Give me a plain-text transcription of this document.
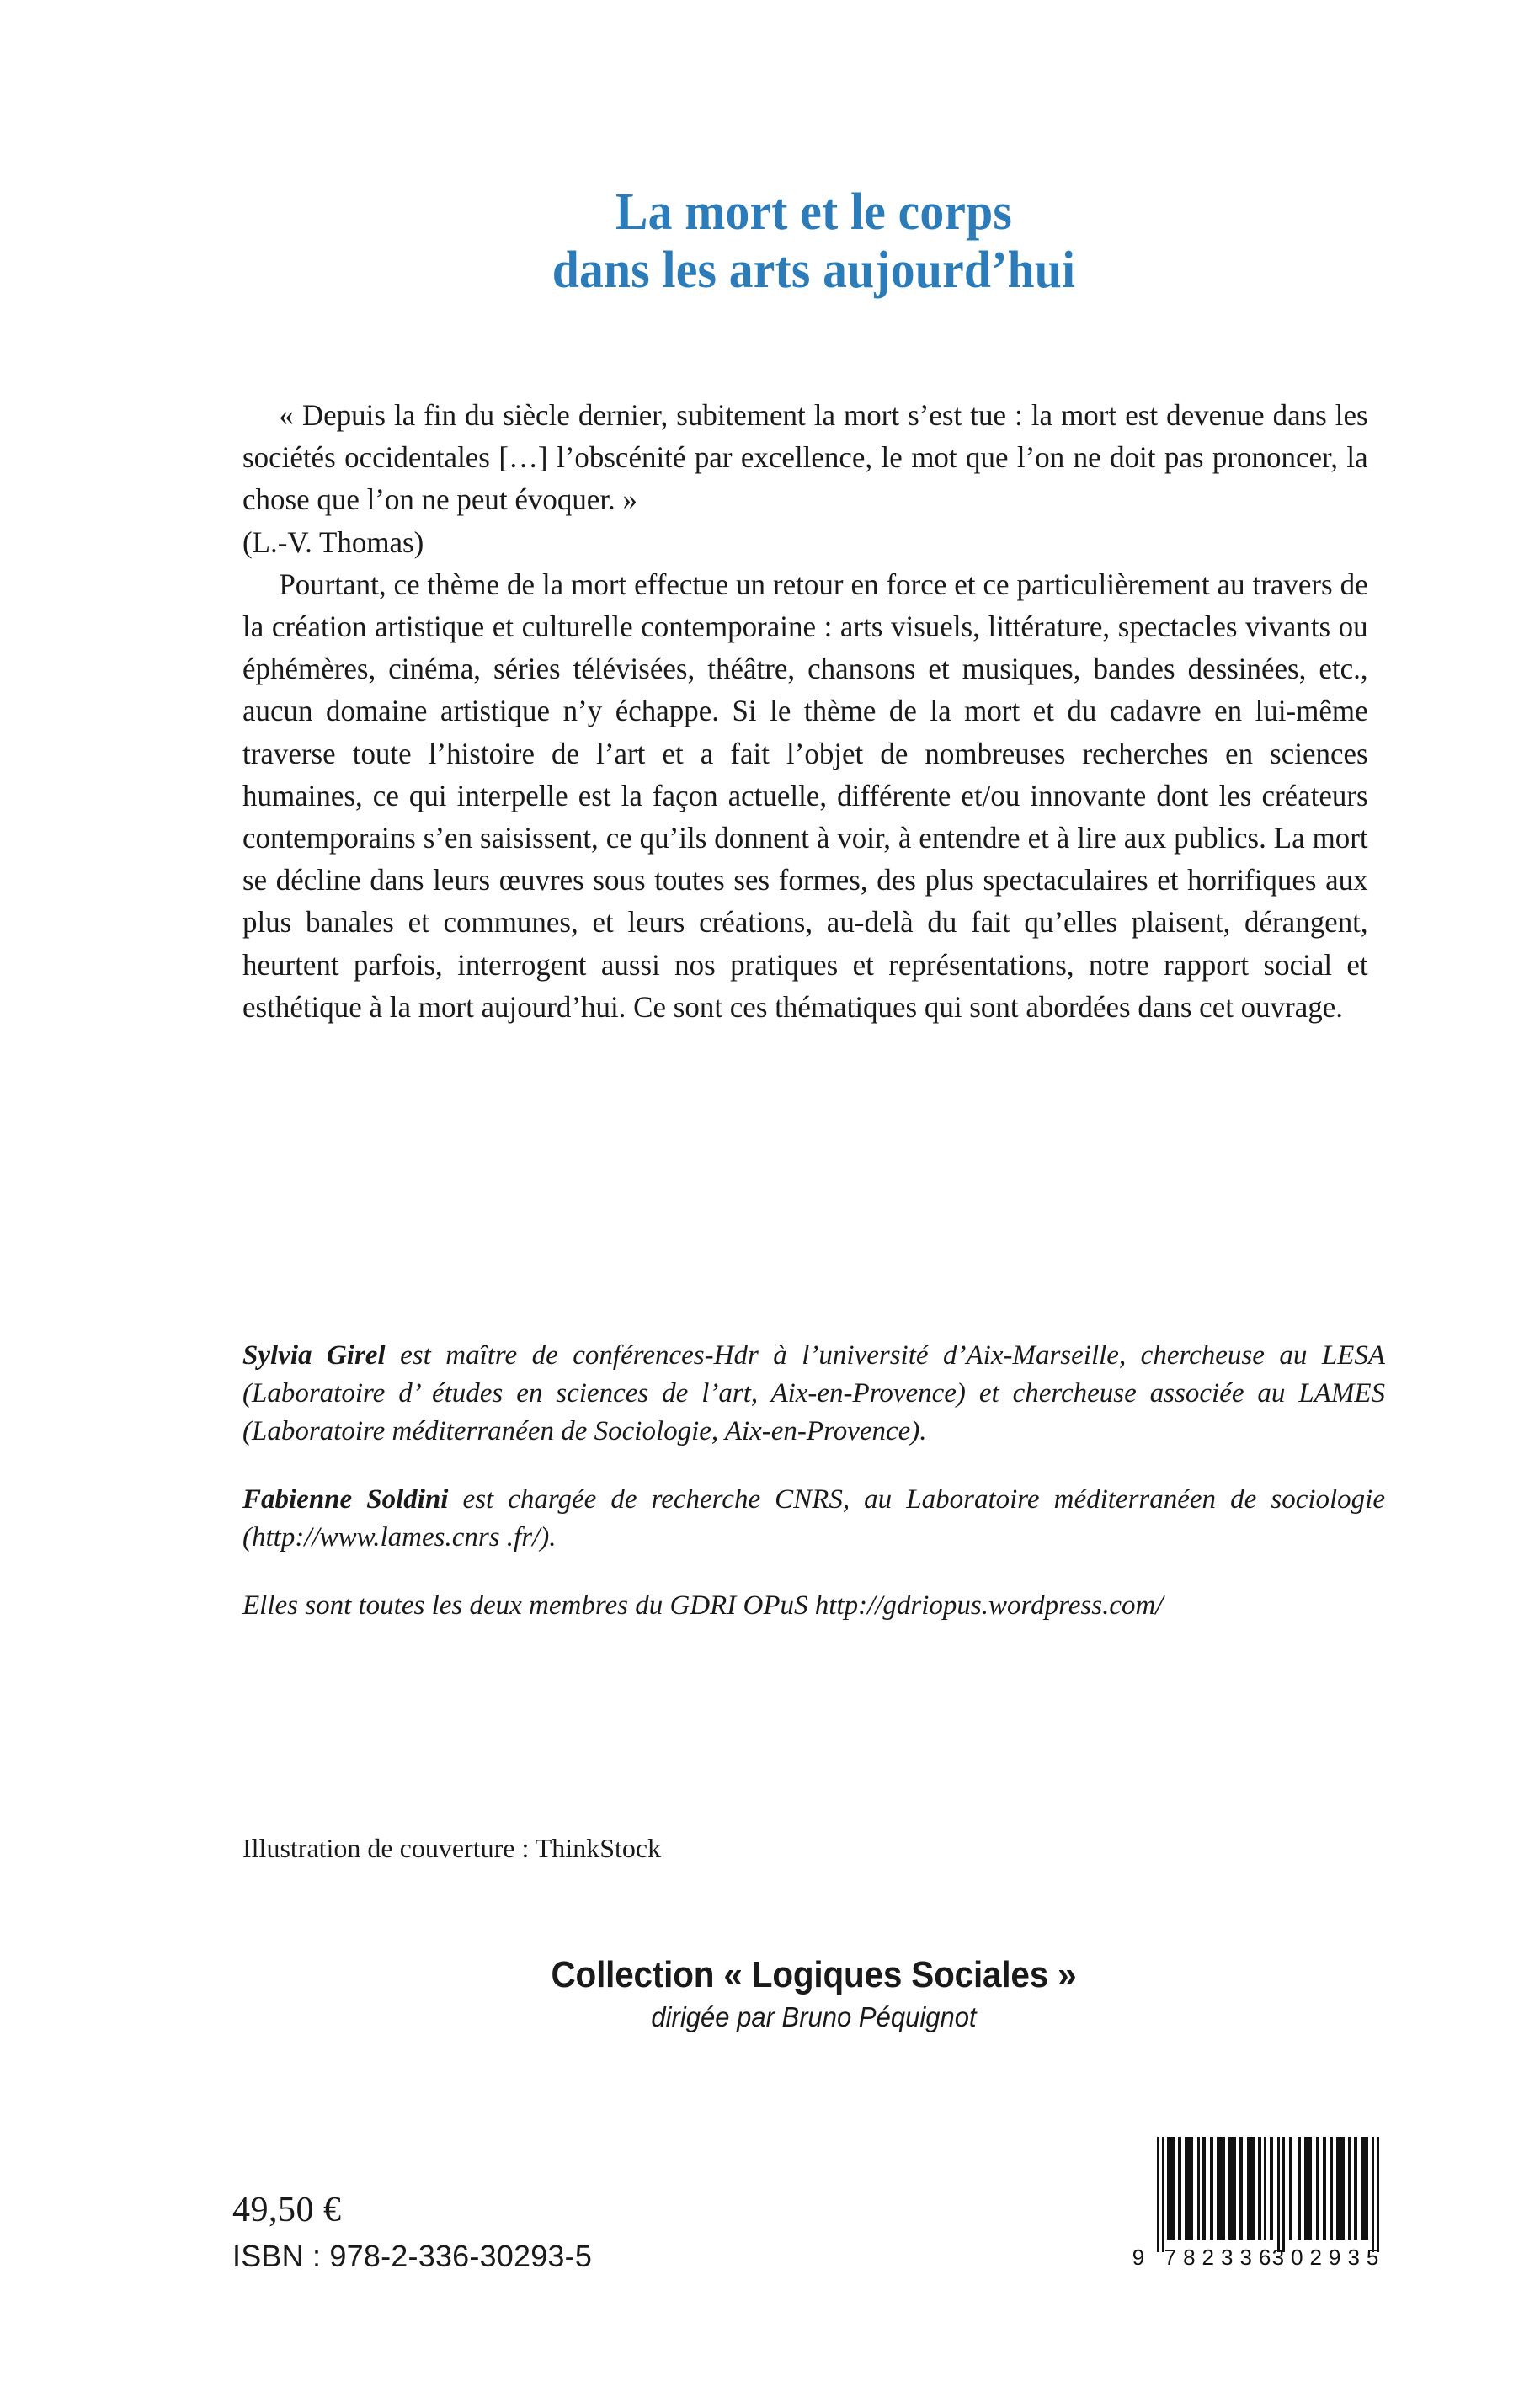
La mort et le corps
dans les arts aujourd’hui

« Depuis la fin du siècle dernier, subitement la mort s’est tue : la mort est devenue dans les sociétés occidentales […] l’obscénité par excellence, le mot que l’on ne doit pas prononcer, la chose que l’on ne peut évoquer. »

(L.-V. Thomas)

Pourtant, ce thème de la mort effectue un retour en force et ce particulièrement au travers de la création artistique et culturelle contemporaine : arts visuels, littérature, spectacles vivants ou éphémères, cinéma, séries télévisées, théâtre, chansons et musiques, bandes dessinées, etc., aucun domaine artistique n’y échappe. Si le thème de la mort et du cadavre en lui-même traverse toute l’histoire de l’art et a fait l’objet de nombreuses recherches en sciences humaines, ce qui interpelle est la façon actuelle, différente et/ou innovante dont les créateurs contemporains s’en saisissent, ce qu’ils donnent à voir, à entendre et à lire aux publics. La mort se décline dans leurs œuvres sous toutes ses formes, des plus spectaculaires et horrifiques aux plus banales et communes, et leurs créations, au-delà du fait qu’elles plaisent, dérangent, heurtent parfois, interrogent aussi nos pratiques et représentations, notre rapport social et esthétique à la mort aujourd’hui. Ce sont ces thématiques qui sont abordées dans cet ouvrage.

Sylvia Girel est maître de conférences-Hdr à l’université d’Aix-Marseille, chercheuse au LESA (Laboratoire d’ études en sciences de l’art, Aix-en-Provence) et chercheuse associée au LAMES (Laboratoire méditerranéen de Sociologie, Aix-en-Provence).

Fabienne Soldini est chargée de recherche CNRS, au Laboratoire méditerranéen de sociologie (http://www.lames.cnrs .fr/).

Elles sont toutes les deux membres du GDRI OPuS http://gdriopus.wordpress.com/

Illustration de couverture : ThinkStock
Collection « Logiques Sociales »
dirigée par Bruno Péquignot
49,50 €
ISBN : 978-2-336-30293-5	9 782336
302935
